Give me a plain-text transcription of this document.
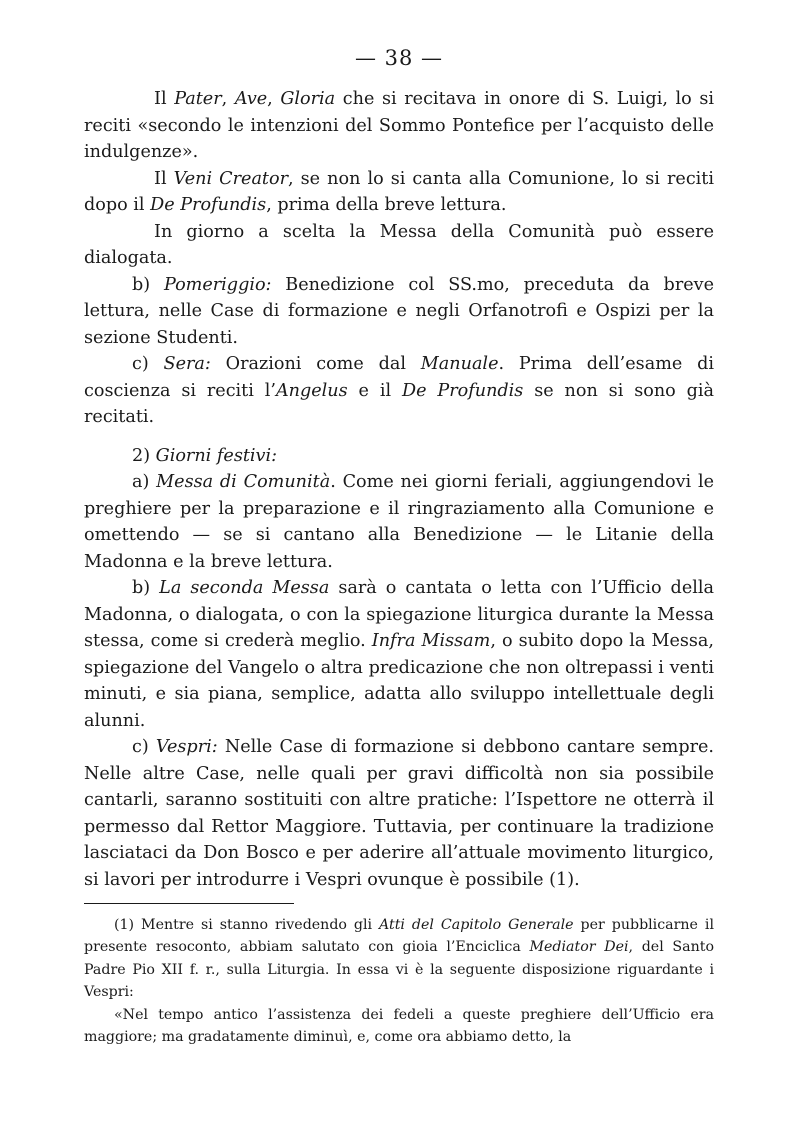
— 38 —

Il Pater, Ave, Gloria che si recitava in onore di S. Luigi, lo si reciti «secondo le intenzioni del Sommo Pontefice per l’acquisto delle indulgenze».

Il Veni Creator, se non lo si canta alla Comunione, lo si reciti dopo il De Profundis, prima della breve lettura.

In giorno a scelta la Messa della Comunità può essere dialogata.

b) Pomeriggio: Benedizione col SS.mo, preceduta da breve lettura, nelle Case di formazione e negli Orfanotrofi e Ospizi per la sezione Studenti.

c) Sera: Orazioni come dal Manuale. Prima dell’esame di coscienza si reciti l’Angelus e il De Profundis se non si sono già recitati.

2) Giorni festivi:

a) Messa di Comunità. Come nei giorni feriali, aggiungendovi le preghiere per la preparazione e il ringraziamento alla Comunione e omettendo — se si cantano alla Benedizione — le Litanie della Madonna e la breve lettura.

b) La seconda Messa sarà o cantata o letta con l’Ufficio della Madonna, o dialogata, o con la spiegazione liturgica durante la Messa stessa, come si crederà meglio. Infra Missam, o subito dopo la Messa, spiegazione del Vangelo o altra predicazione che non oltrepassi i venti minuti, e sia piana, semplice, adatta allo sviluppo intellettuale degli alunni.

c) Vespri: Nelle Case di formazione si debbono cantare sempre. Nelle altre Case, nelle quali per gravi difficoltà non sia possibile cantarli, saranno sostituiti con altre pratiche: l’Ispettore ne otterrà il permesso dal Rettor Maggiore. Tuttavia, per continuare la tradizione lasciataci da Don Bosco e per aderire all’attuale movimento liturgico, si lavori per introdurre i Vespri ovunque è possibile (1).

(1) Mentre si stanno rivedendo gli Atti del Capitolo Generale per pubblicarne il presente resoconto, abbiam salutato con gioia l’Enciclica Mediator Dei, del Santo Padre Pio XII f. r., sulla Liturgia. In essa vi è la seguente disposizione riguardante i Vespri:

«Nel tempo antico l’assistenza dei fedeli a queste preghiere dell’Ufficio era maggiore; ma gradatamente diminuì, e, come ora abbiamo detto, la
